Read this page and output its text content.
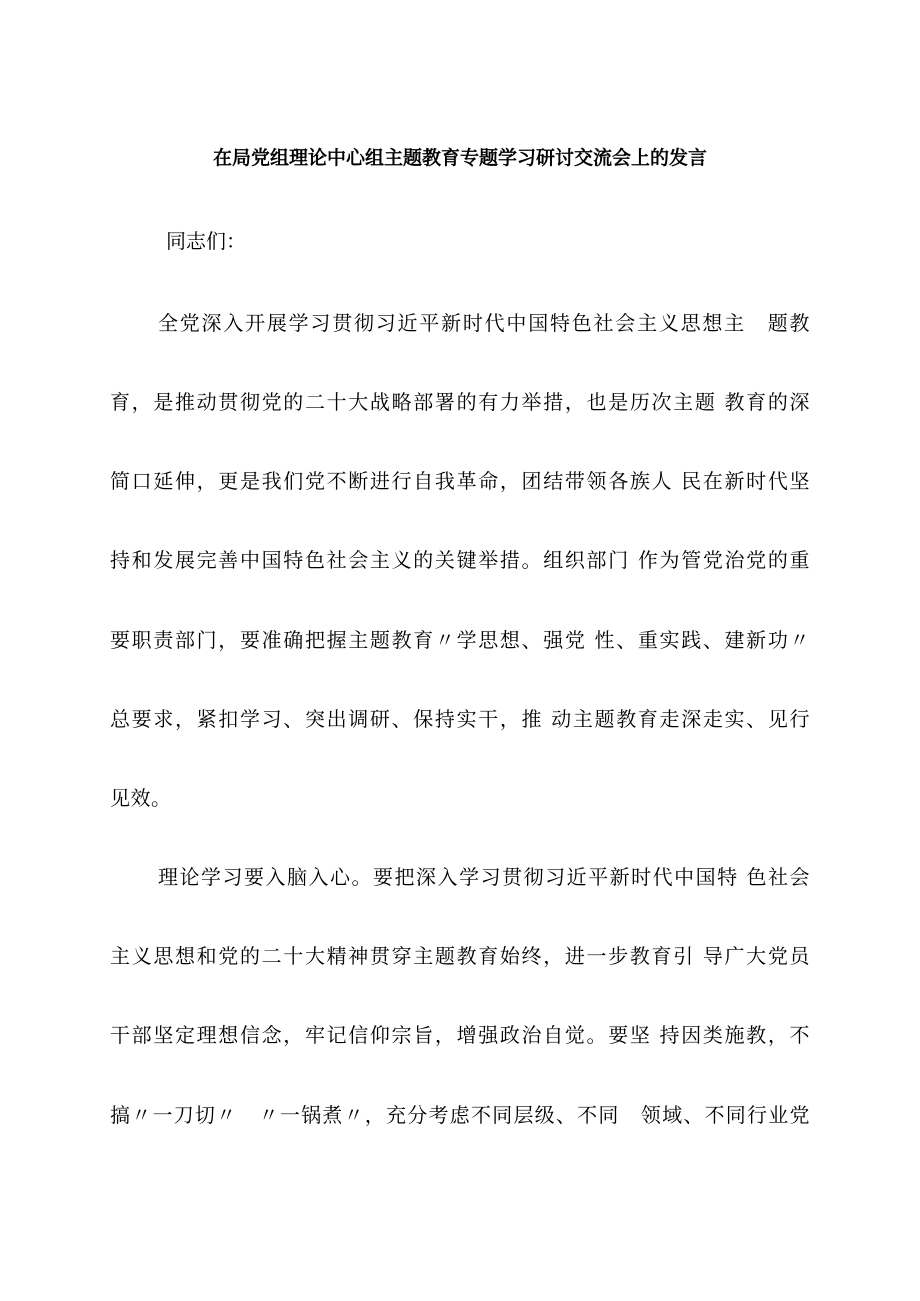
在局党组理论中心组主题教育专题学习研讨交流会上的发言
同志们：
全党深入开展学习贯彻习近平新时代中国特色社会主义思想主　题教
育，是推动贯彻党的二十大战略部署的有力举措，也是历次主题 教育的深
简口延伸，更是我们党不断进行自我革命，团结带领各族人 民在新时代坚
持和发展完善中国特色社会主义的关键举措。组织部门 作为管党治党的重
要职责部门，要准确把握主题教育〃学思想、强党 性、重实践、建新功〃
总要求，紧扣学习、突出调研、保持实干，推 动主题教育走深走实、见行
见效。
理论学习要入脑入心。要把深入学习贯彻习近平新时代中国特 色社会
主义思想和党的二十大精神贯穿主题教育始终，进一步教育引 导广大党员
干部坚定理想信念，牢记信仰宗旨，增强政治自觉。要坚 持因类施教，不
搞〃一刀切〃　〃一锅煮〃，充分考虑不同层级、不同　领域、不同行业党
